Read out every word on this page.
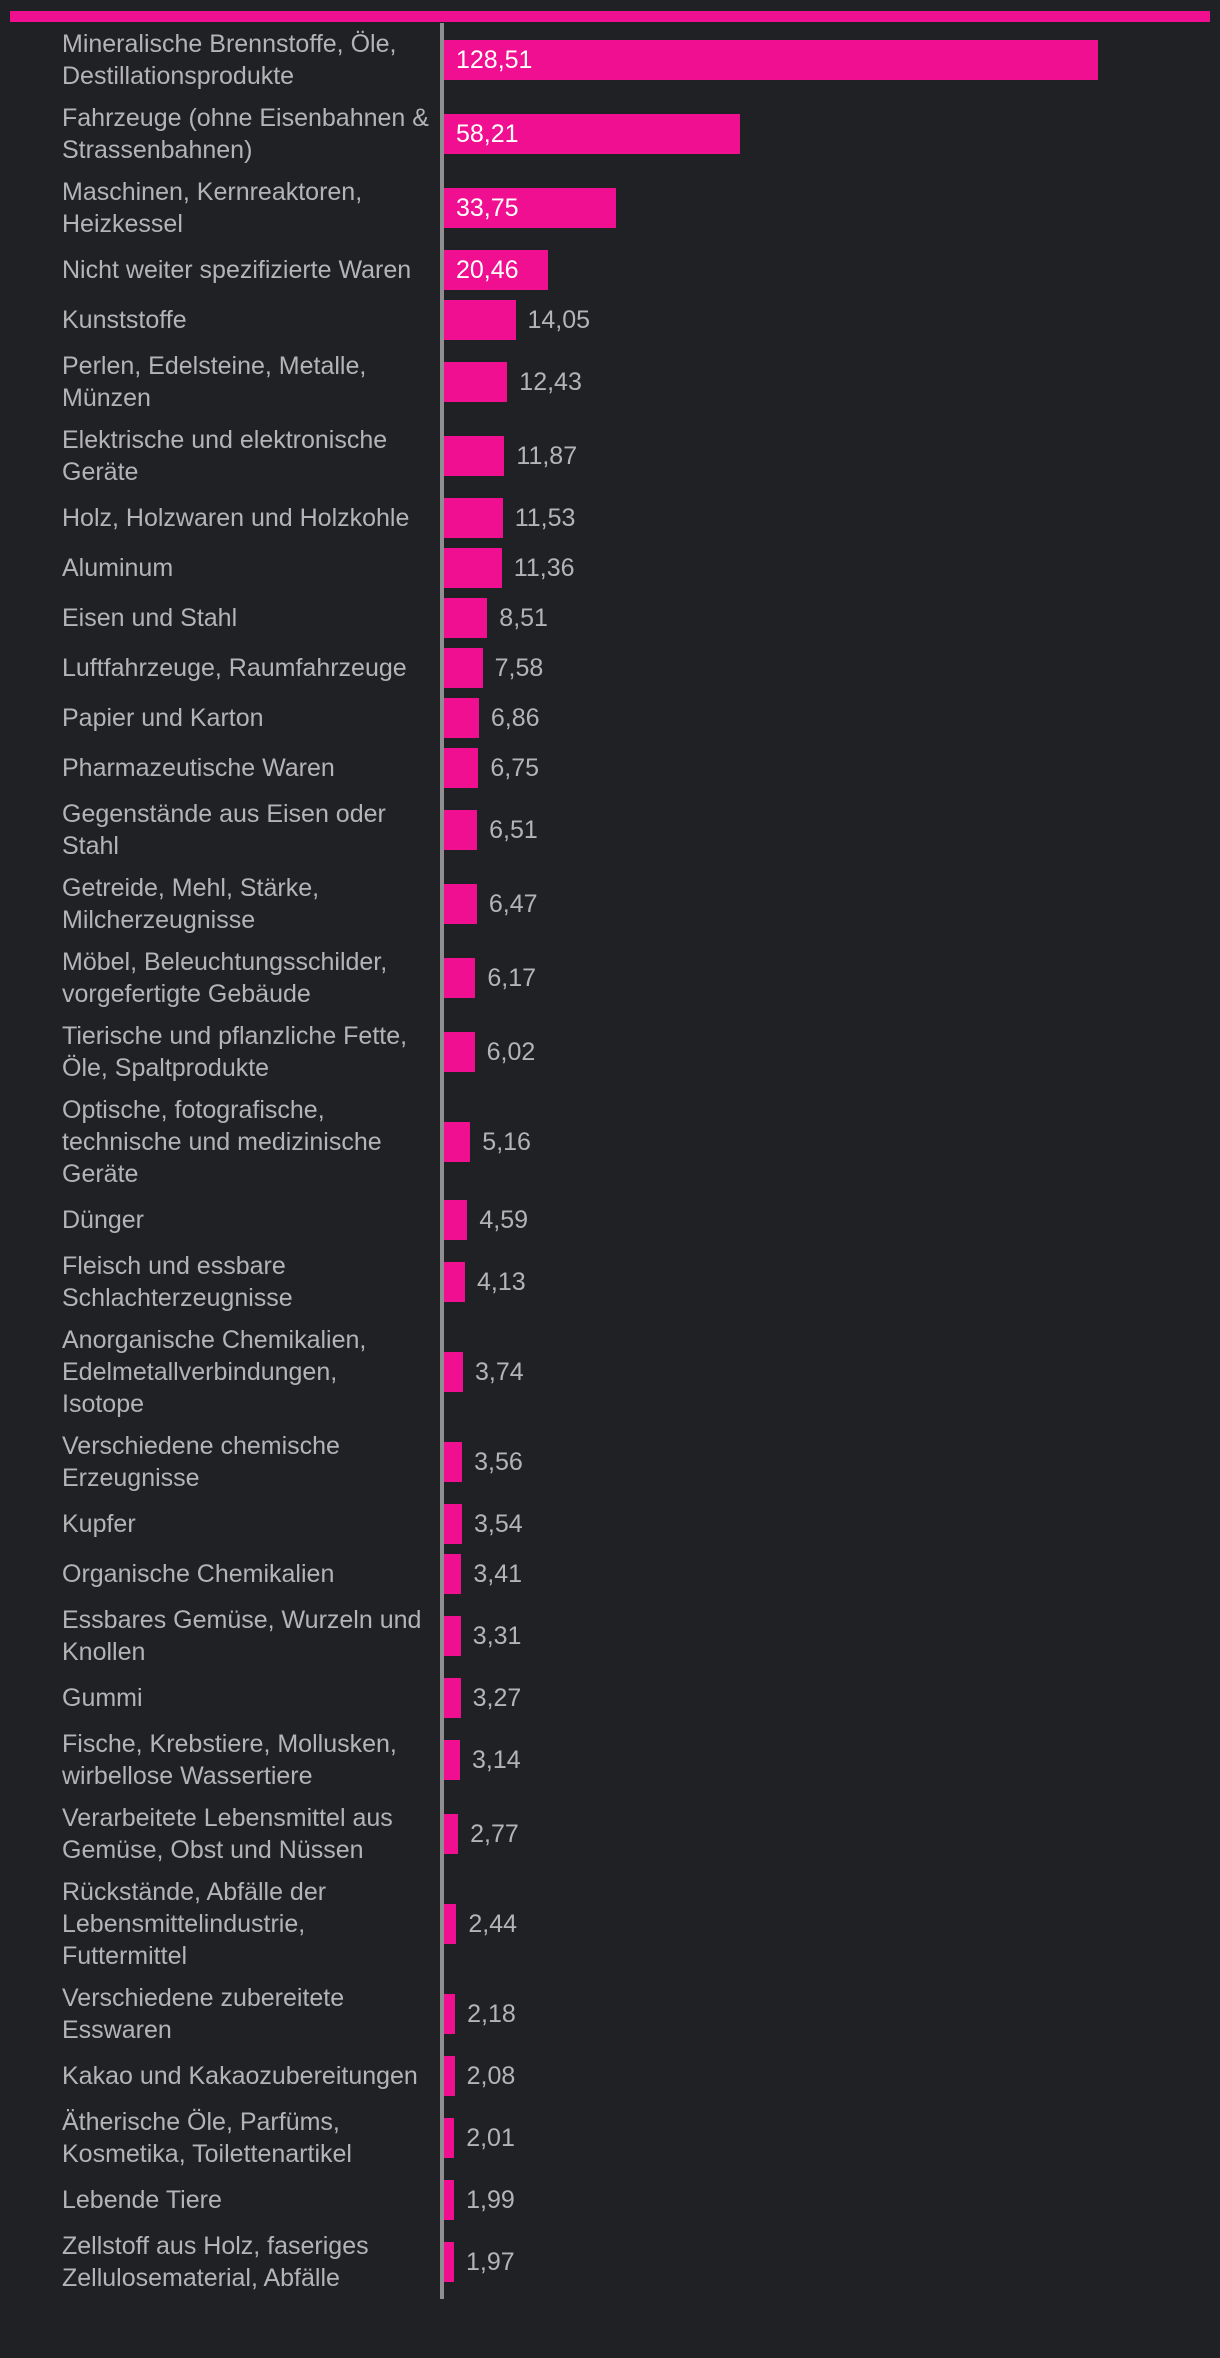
Mineralische Brennstoffe, Öle,
Destillationsprodukte
128,51
Fahrzeuge (ohne Eisenbahnen &
Strassenbahnen)
58,21
Maschinen, Kernreaktoren,
Heizkessel
33,75
Nicht weiter spezifizierte Waren	20,46
Kunststoffe	14,05
Perlen, Edelsteine, Metalle,
Münzen
12,43
Elektrische und elektronische
Geräte
11,87
Holz, Holzwaren und Holzkohle	11,53
Aluminum	11,36
Eisen und Stahl	8,51
Luftfahrzeuge, Raumfahrzeuge	7,58
Papier und Karton	6,86
Pharmazeutische Waren	6,75
Gegenstände aus Eisen oder
Stahl
6,51
Getreide, Mehl, Stärke,
Milcherzeugnisse
6,47
Möbel, Beleuchtungsschilder,
vorgefertigte Gebäude
6,17
Tierische und pflanzliche Fette,
Öle, Spaltprodukte
6,02
Optische, fotografische,
technische und medizinische
Geräte
5,16
Dünger	4,59
Fleisch und essbare
Schlachterzeugnisse
4,13
Anorganische Chemikalien,
Edelmetallverbindungen,
Isotope
3,74
Verschiedene chemische
Erzeugnisse
3,56
Kupfer	3,54
Organische Chemikalien	3,41
Essbares Gemüse, Wurzeln und
Knollen
3,31
Gummi	3,27
Fische, Krebstiere, Mollusken,
wirbellose Wassertiere
3,14
Verarbeitete Lebensmittel aus
Gemüse, Obst und Nüssen
2,77
Rückstände, Abfälle der
Lebensmittelindustrie,
Futtermittel
2,44
Verschiedene zubereitete
Esswaren
2,18
Kakao und Kakaozubereitungen	2,08
Ätherische Öle, Parfüms,
Kosmetika, Toilettenartikel
2,01
Lebende Tiere	1,99
Zellstoff aus Holz, faseriges
Zellulosematerial, Abfälle
1,97
